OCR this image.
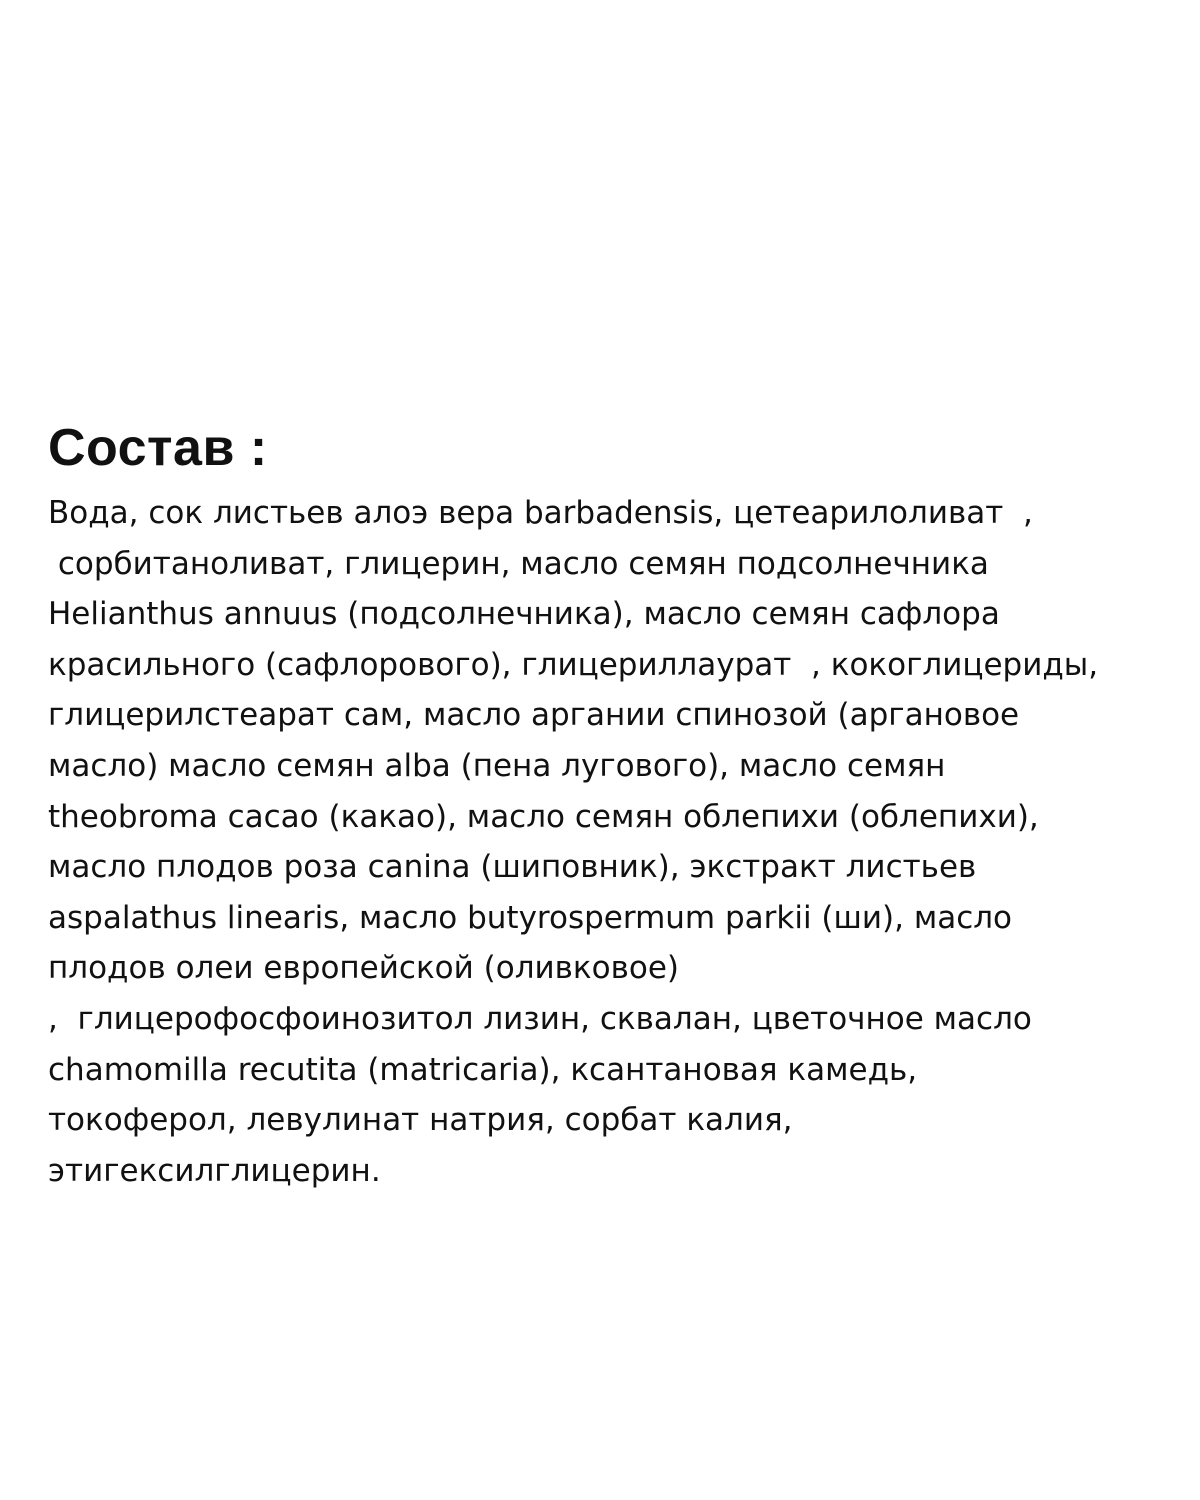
Состав :

Вода, сок листьев алоэ вера barbadensis, цетеарилоливат  ,

сорбитаноливат, глицерин, масло семян подсолнечника

Helianthus annuus (подсолнечника), масло семян сафлора

красильного (сафлорового), глицериллаурат  , кокоглицериды,

глицерилстеарат сам, масло аргании спинозой (аргановое

масло) масло семян alba (пена лугового), масло семян

theobroma cacao (какао), масло семян облепихи (облепихи),

масло плодов роза canina (шиповник), экстракт листьев

aspalathus linearis, масло butyrospermum parkii (ши), масло

плодов олеи европейской (оливковое)

,  глицерофосфоинозитол лизин, сквалан, цветочное масло

chamomilla recutita (matricaria), ксантановая камедь,

токоферол, левулинат натрия, сорбат калия,

этигексилглицерин.
